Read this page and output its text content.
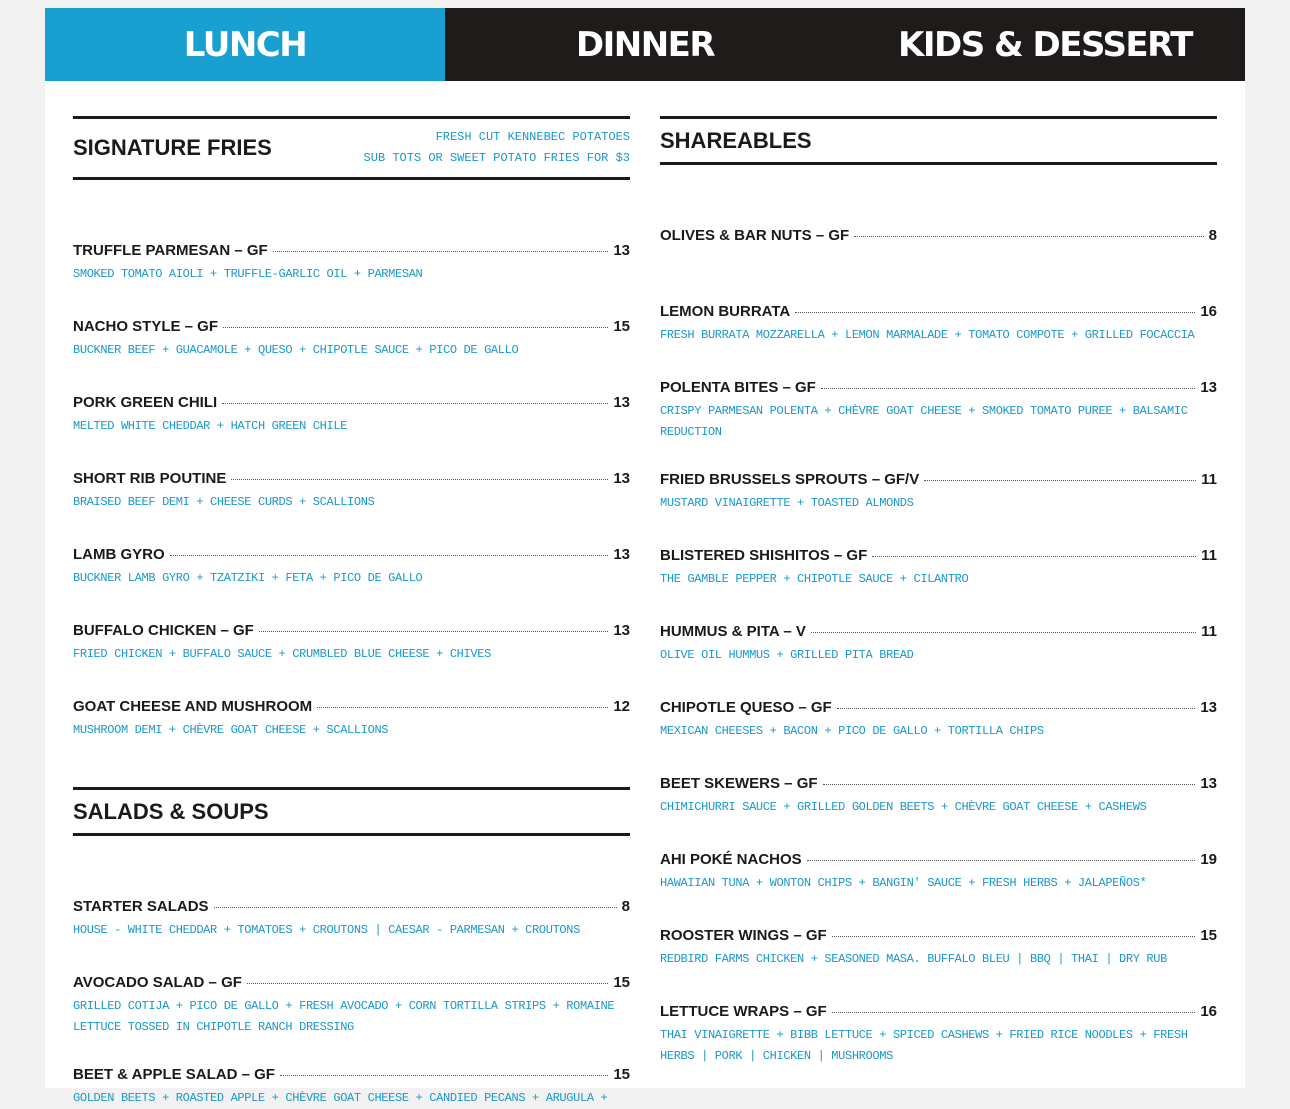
LUNCH	DINNER	KIDS & DESSERT
SIGNATURE FRIES	FRESH CUT KENNEBEC POTATOES
SUB TOTS OR SWEET POTATO FRIES FOR $3
TRUFFLE PARMESAN – GF	13
SMOKED TOMATO AIOLI + TRUFFLE-GARLIC OIL + PARMESAN
NACHO STYLE – GF	15
BUCKNER BEEF + GUACAMOLE + QUESO + CHIPOTLE SAUCE + PICO DE GALLO
PORK GREEN CHILI	13
MELTED WHITE CHEDDAR + HATCH GREEN CHILE
SHORT RIB POUTINE	13
BRAISED BEEF DEMI + CHEESE CURDS + SCALLIONS
LAMB GYRO	13
BUCKNER LAMB GYRO + TZATZIKI + FETA + PICO DE GALLO
BUFFALO CHICKEN – GF	13
FRIED CHICKEN + BUFFALO SAUCE + CRUMBLED BLUE CHEESE + CHIVES
GOAT CHEESE AND MUSHROOM	12
MUSHROOM DEMI + CHÈVRE GOAT CHEESE + SCALLIONS
SALADS & SOUPS
STARTER SALADS	8
HOUSE - WHITE CHEDDAR + TOMATOES + CROUTONS | CAESAR - PARMESAN + CROUTONS
AVOCADO SALAD – GF	15
GRILLED COTIJA + PICO DE GALLO + FRESH AVOCADO + CORN TORTILLA STRIPS + ROMAINE LETTUCE TOSSED IN CHIPOTLE RANCH DRESSING
BEET & APPLE SALAD – GF	15
GOLDEN BEETS + ROASTED APPLE + CHÈVRE GOAT CHEESE + CANDIED PECANS + ARUGULA +
SHAREABLES
OLIVES & BAR NUTS – GF	8
LEMON BURRATA	16
FRESH BURRATA MOZZARELLA + LEMON MARMALADE + TOMATO COMPOTE + GRILLED FOCACCIA
POLENTA BITES – GF	13
CRISPY PARMESAN POLENTA + CHÈVRE GOAT CHEESE + SMOKED TOMATO PUREE + BALSAMIC REDUCTION
FRIED BRUSSELS SPROUTS – GF/V	11
MUSTARD VINAIGRETTE + TOASTED ALMONDS
BLISTERED SHISHITOS – GF	11
THE GAMBLE PEPPER + CHIPOTLE SAUCE + CILANTRO
HUMMUS & PITA – V	11
OLIVE OIL HUMMUS + GRILLED PITA BREAD
CHIPOTLE QUESO – GF	13
MEXICAN CHEESES + BACON + PICO DE GALLO + TORTILLA CHIPS
BEET SKEWERS – GF	13
CHIMICHURRI SAUCE + GRILLED GOLDEN BEETS + CHÈVRE GOAT CHEESE + CASHEWS
AHI POKÉ NACHOS	19
HAWAIIAN TUNA + WONTON CHIPS + BANGIN' SAUCE + FRESH HERBS + JALAPEÑOS*
ROOSTER WINGS – GF	15
REDBIRD FARMS CHICKEN + SEASONED MASA. BUFFALO BLEU | BBQ | THAI | DRY RUB
LETTUCE WRAPS – GF	16
THAI VINAIGRETTE + BIBB LETTUCE + SPICED CASHEWS + FRIED RICE NOODLES + FRESH HERBS | PORK | CHICKEN | MUSHROOMS
